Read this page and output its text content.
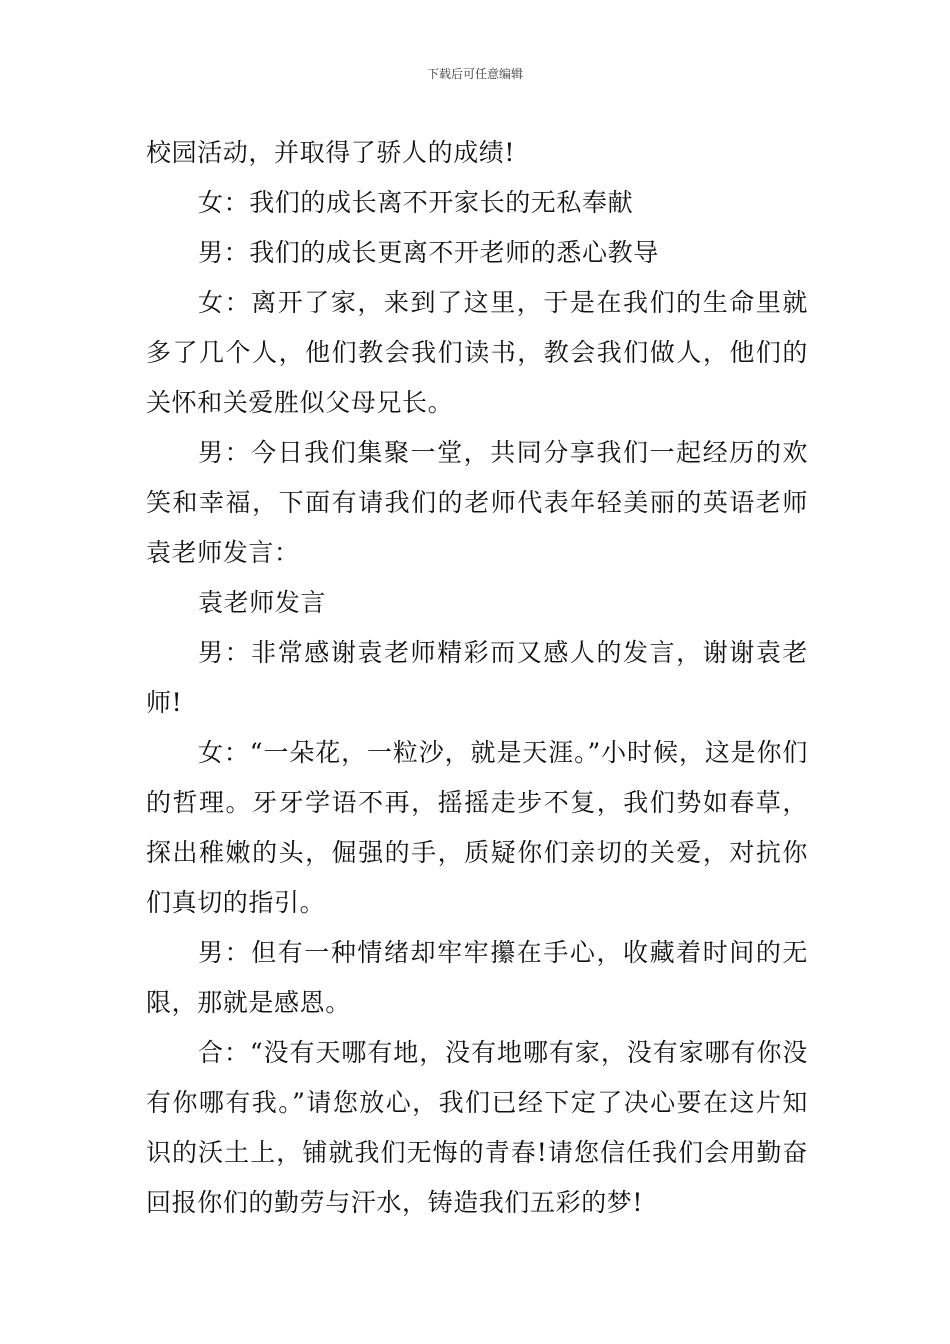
下载后可任意编辑

校园活动，并取得了骄人的成绩!

女：我们的成长离不开家长的无私奉献

男：我们的成长更离不开老师的悉心教导

女：离开了家，来到了这里，于是在我们的生命里就多了几个人，他们教会我们读书，教会我们做人，他们的关怀和关爱胜似父母兄长。

男：今日我们集聚一堂，共同分享我们一起经历的欢笑和幸福，下面有请我们的老师代表年轻美丽的英语老师袁老师发言：

袁老师发言

男：非常感谢袁老师精彩而又感人的发言，谢谢袁老师!

女：“一朵花，一粒沙，就是天涯。”小时候，这是你们的哲理。牙牙学语不再，摇摇走步不复，我们势如春草，探出稚嫩的头，倔强的手，质疑你们亲切的关爱，对抗你们真切的指引。

男：但有一种情绪却牢牢攥在手心，收藏着时间的无限，那就是感恩。

合：“没有天哪有地，没有地哪有家，没有家哪有你没有你哪有我。”请您放心，我们已经下定了决心要在这片知识的沃土上，铺就我们无悔的青春!请您信任我们会用勤奋回报你们的勤劳与汗水，铸造我们五彩的梦!
